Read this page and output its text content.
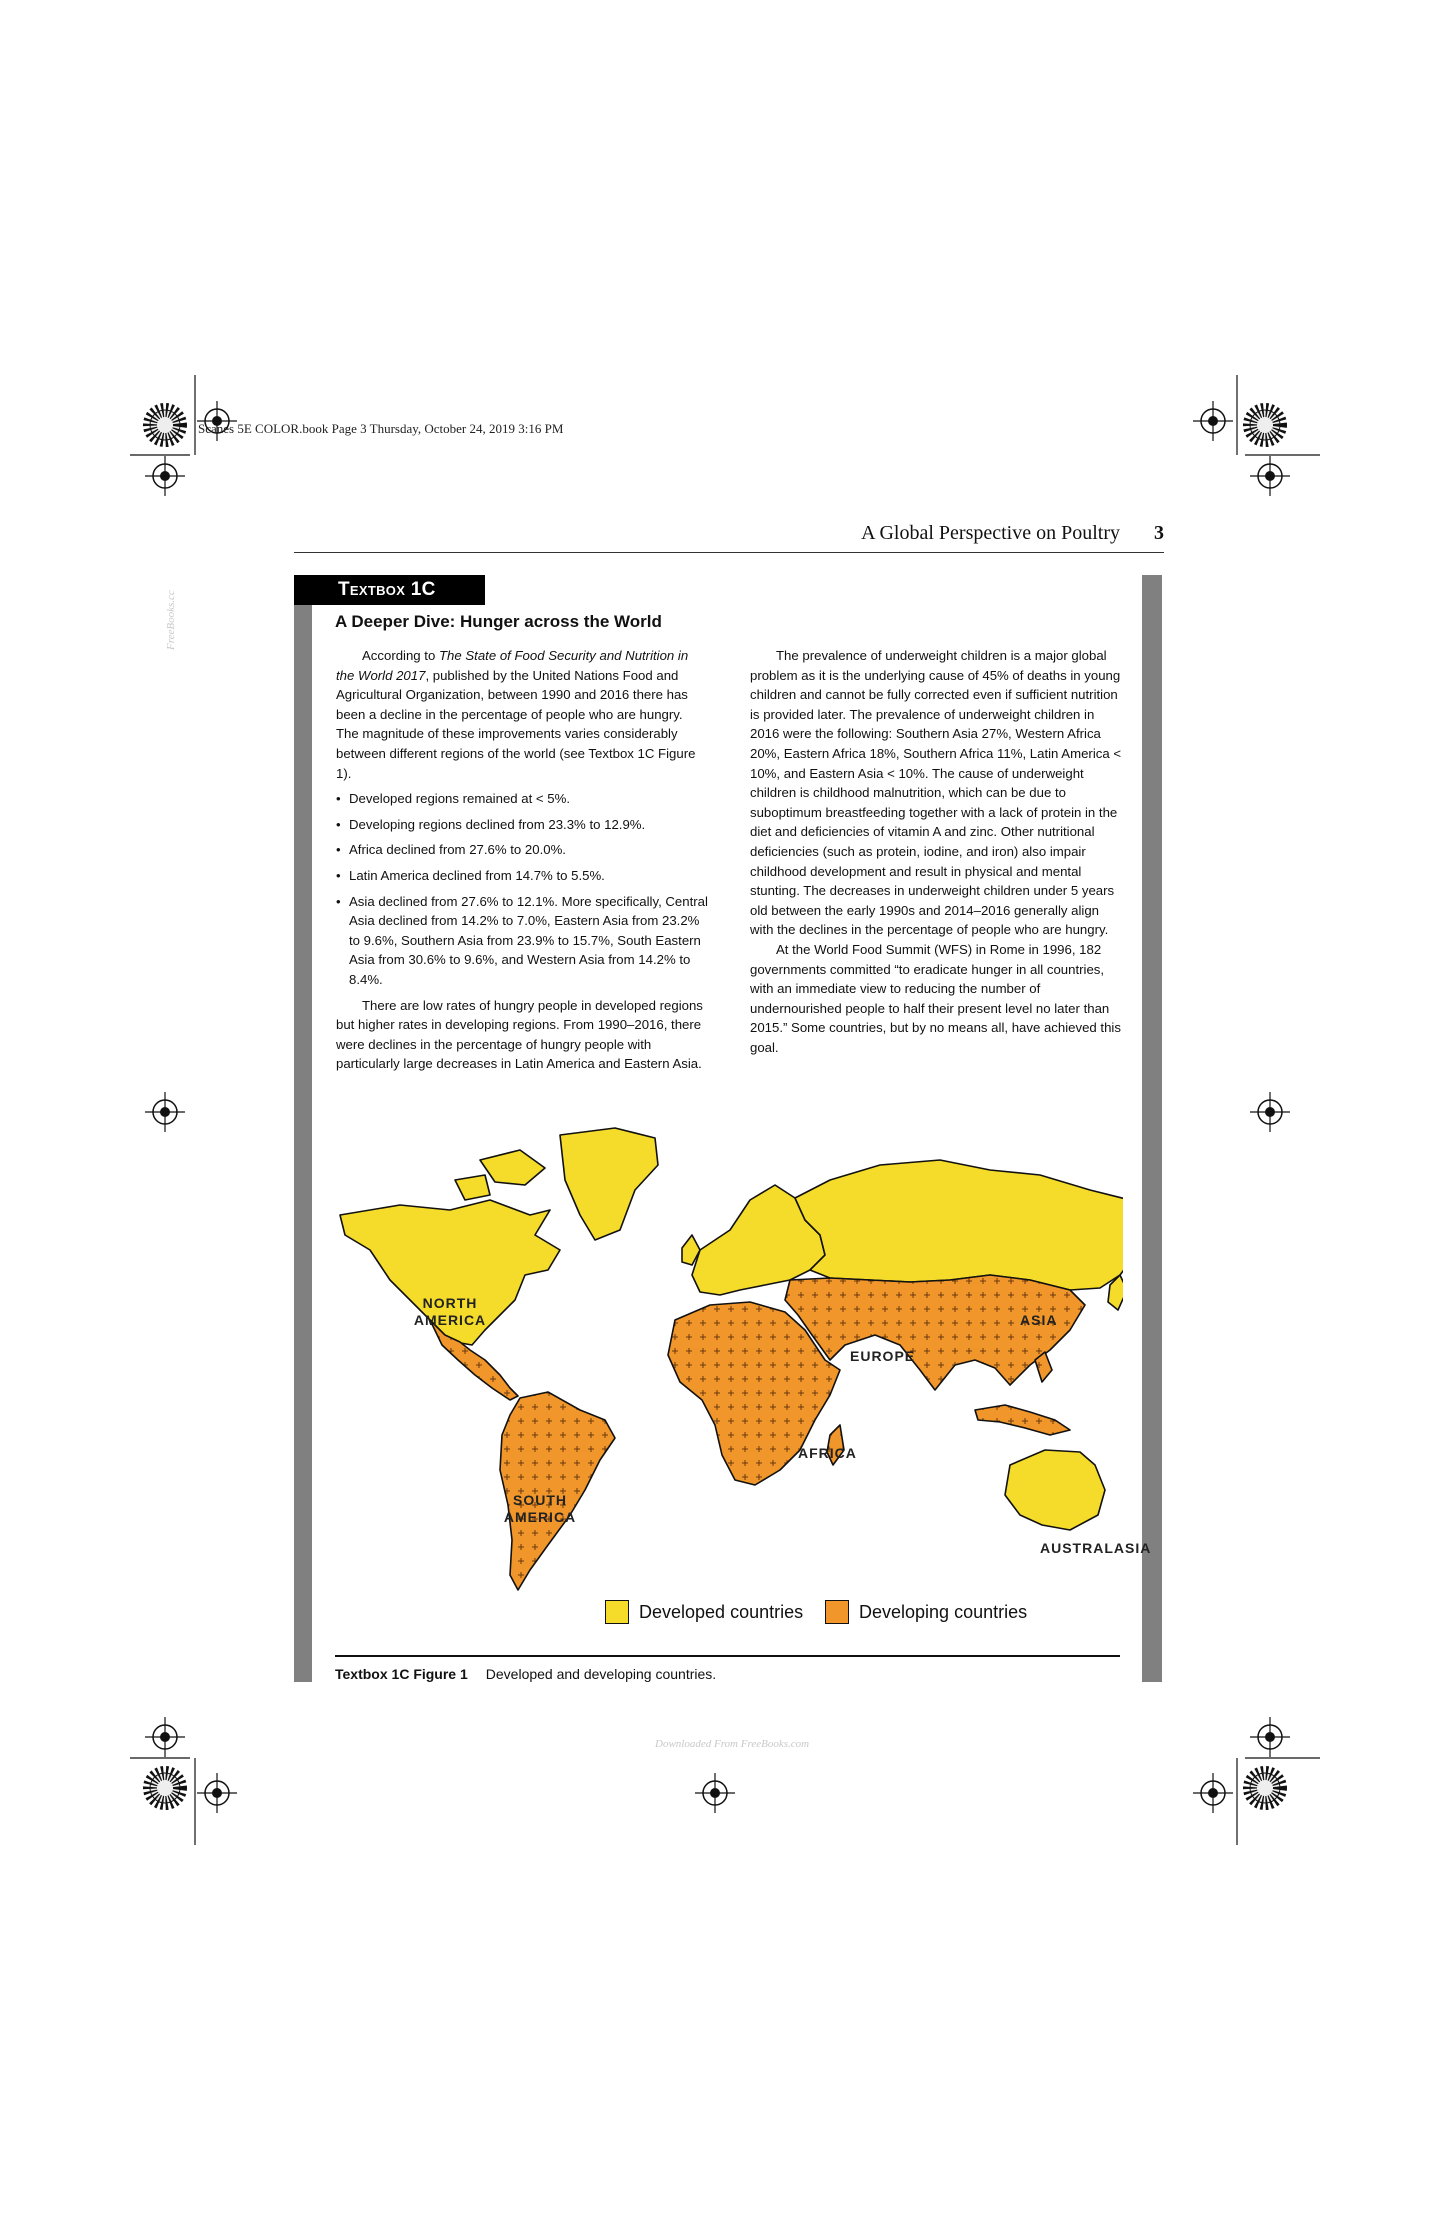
Scanes 5E COLOR.book Page 3 Thursday, October 24, 2019 3:16 PM
A Global Perspective on Poultry 3
Textbox 1C
A Deeper Dive: Hunger across the World
FreeBooks.cc

According to The State of Food Security and Nutrition in the World 2017, published by the United Nations Food and Agricultural Organization, between 1990 and 2016 there has been a decline in the percentage of people who are hungry. The magnitude of these improvements varies considerably between different regions of the world (see Textbox 1C Figure 1).

• Developed regions remained at < 5%.
• Developing regions declined from 23.3% to 12.9%.
• Africa declined from 27.6% to 20.0%.
• Latin America declined from 14.7% to 5.5%.
• Asia declined from 27.6% to 12.1%. More specifically, Central Asia declined from 14.2% to 7.0%, Eastern Asia from 23.2% to 9.6%, Southern Asia from 23.9% to 15.7%, South Eastern Asia from 30.6% to 9.6%, and Western Asia from 14.2% to 8.4%.

There are low rates of hungry people in developed regions but higher rates in developing regions. From 1990–2016, there were declines in the percentage of hungry people with particularly large decreases in Latin America and Eastern Asia.

The prevalence of underweight children is a major global problem as it is the underlying cause of 45% of deaths in young children and cannot be fully corrected even if sufficient nutrition is provided later. The prevalence of underweight children in 2016 were the following: Southern Asia 27%, Western Africa 20%, Eastern Africa 18%, Southern Africa 11%, Latin America < 10%, and Eastern Asia < 10%. The cause of underweight children is childhood malnutrition, which can be due to suboptimum breastfeeding together with a lack of protein in the diet and deficiencies of vitamin A and zinc. Other nutritional deficiencies (such as protein, iodine, and iron) also impair childhood development and result in physical and mental stunting. The decreases in underweight children under 5 years old between the early 1990s and 2014–2016 generally align with the declines in the percentage of people who are hungry.

At the World Food Summit (WFS) in Rome in 1996, 182 governments committed “to eradicate hunger in all countries, with an immediate view to reducing the number of undernourished people to half their present level no later than 2015.” Some countries, but by no means all, have achieved this goal.

NORTH AMERICA
SOUTH AMERICA
EUROPE
ASIA
AFRICA
AUSTRALASIA
Developed countries	Developing countries
Textbox 1C Figure 1 Developed and developing countries.
Downloaded From FreeBooks.com
